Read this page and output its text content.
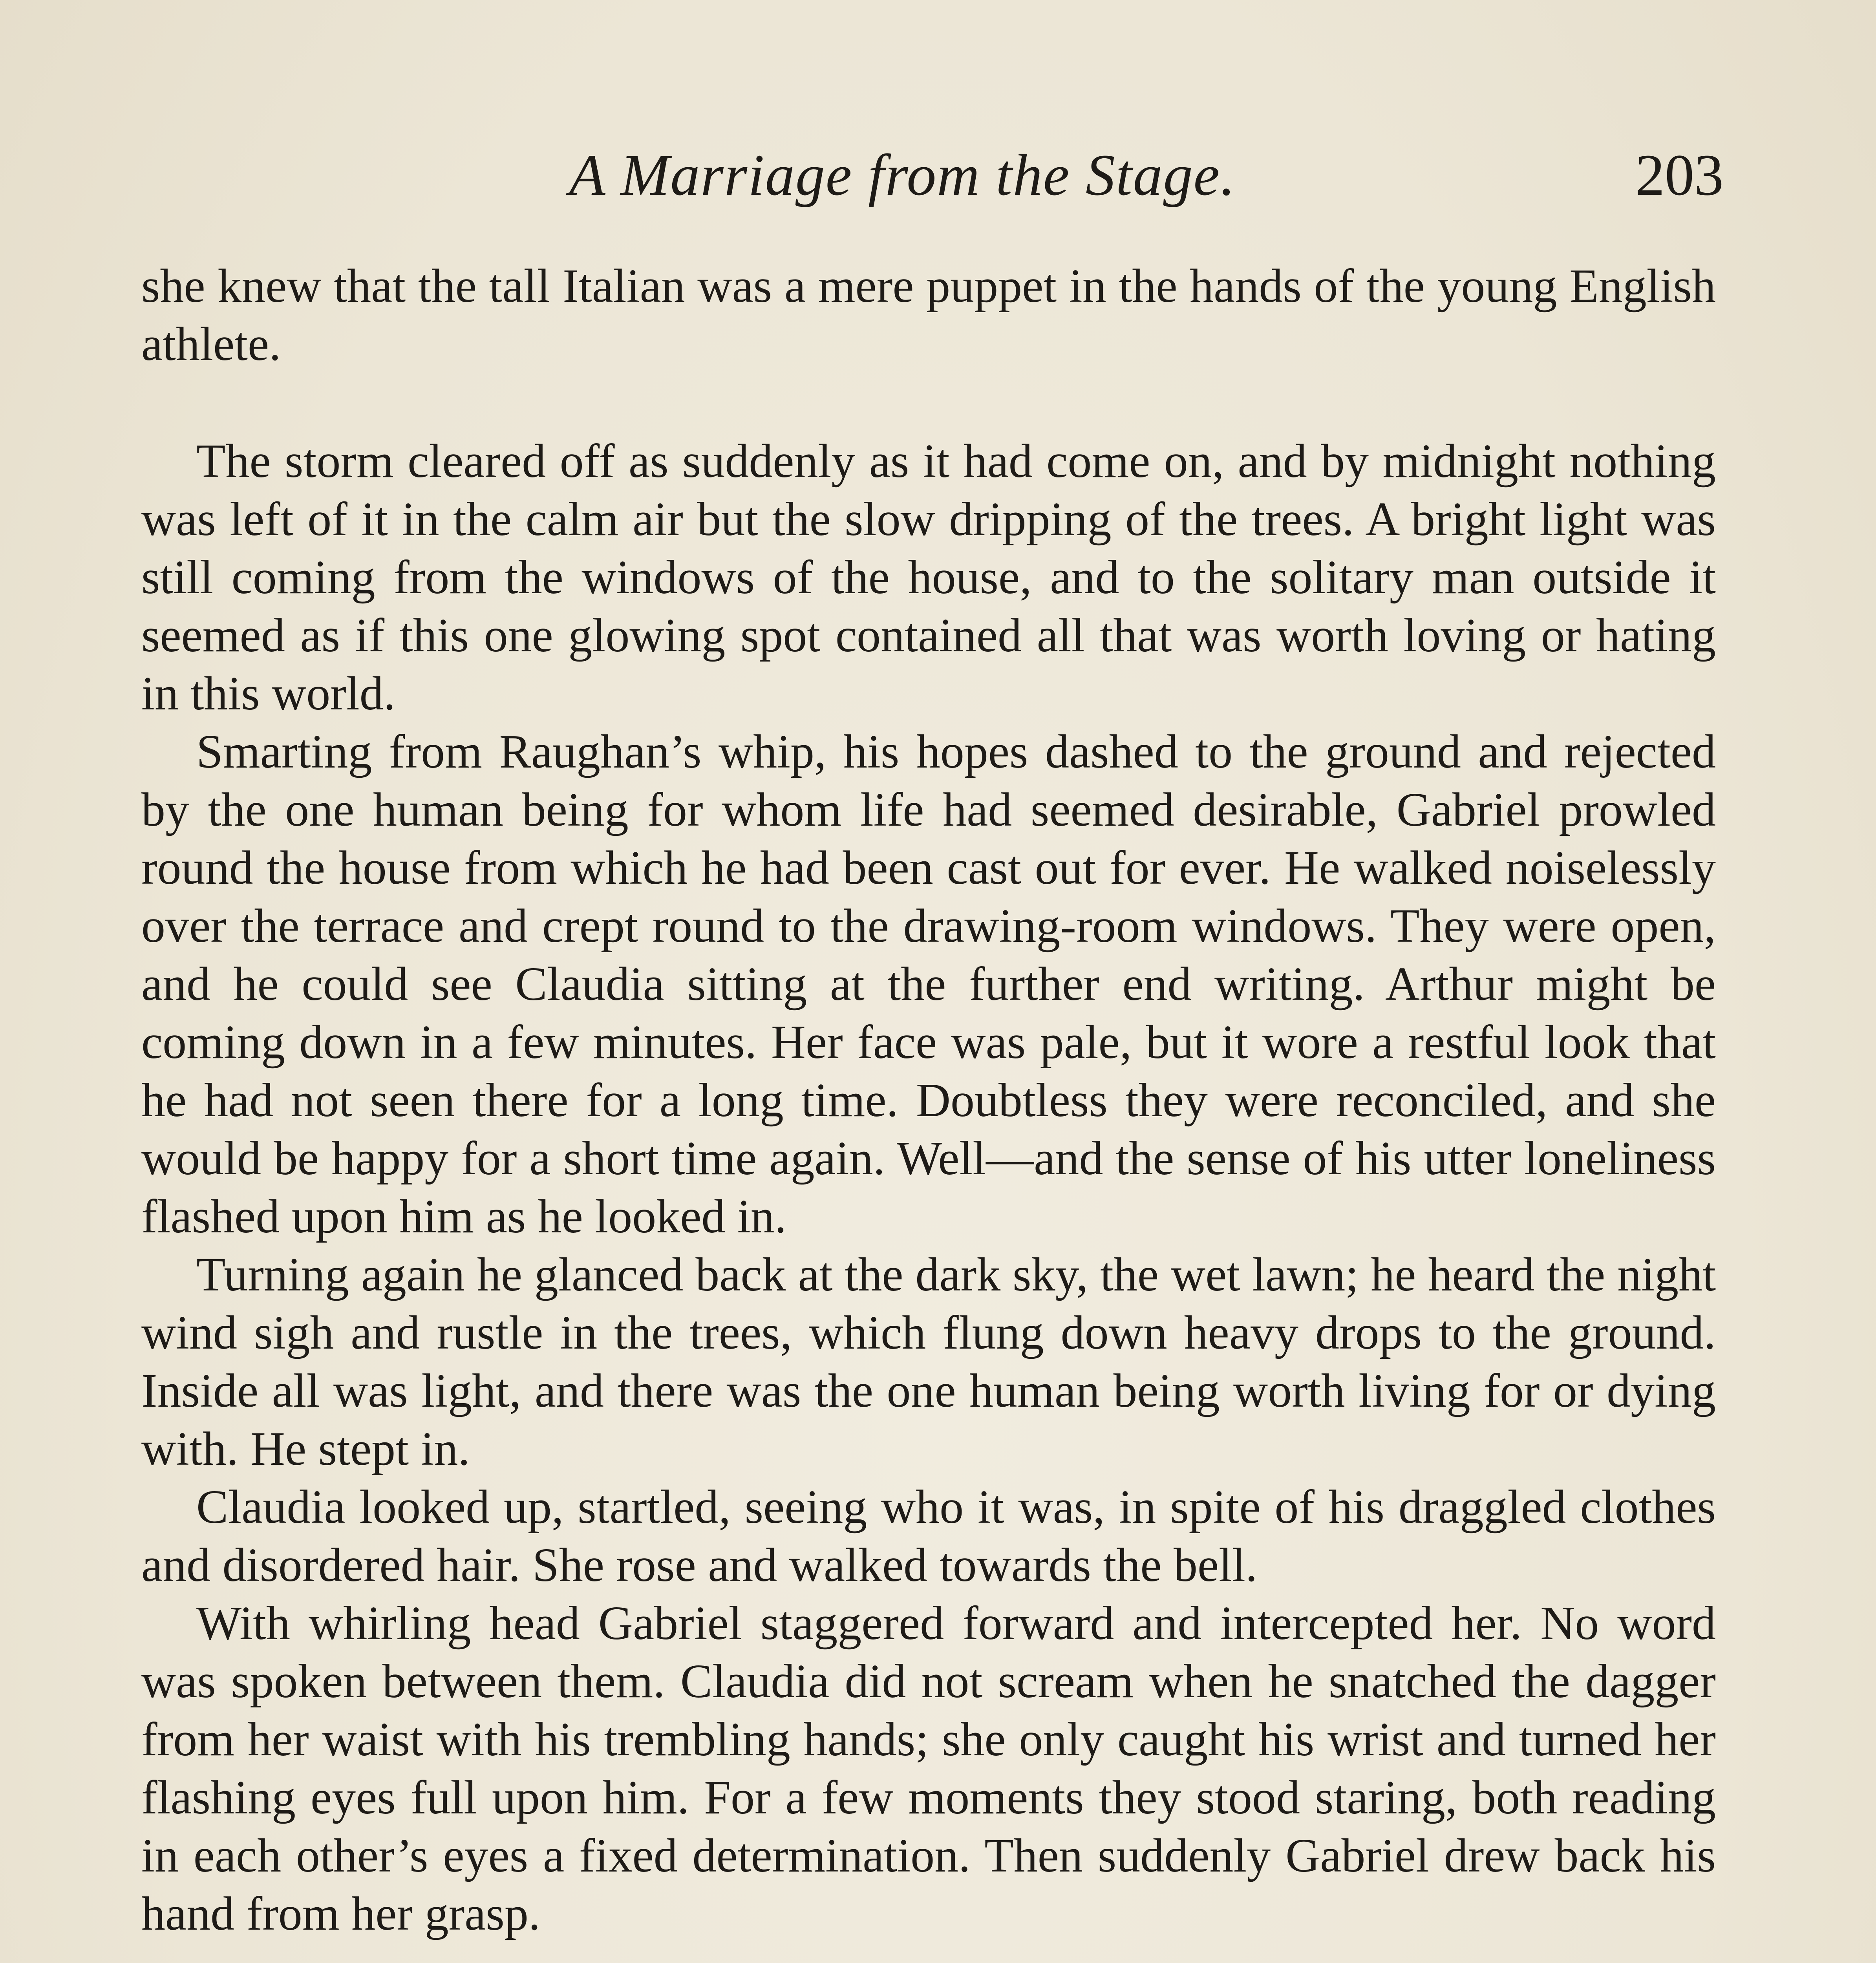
A Marriage from the Stage.	203

she knew that the tall Italian was a mere puppet in the hands of the young English athlete.

The storm cleared off as suddenly as it had come on, and by midnight nothing was left of it in the calm air but the slow dripping of the trees. A bright light was still coming from the windows of the house, and to the solitary man outside it seemed as if this one glowing spot contained all that was worth loving or hating in this world.

Smarting from Raughan’s whip, his hopes dashed to the ground and rejected by the one human being for whom life had seemed desirable, Gabriel prowled round the house from which he had been cast out for ever. He walked noiselessly over the terrace and crept round to the drawing-room windows. They were open, and he could see Claudia sitting at the further end writing. Arthur might be coming down in a few minutes. Her face was pale, but it wore a restful look that he had not seen there for a long time. Doubtless they were reconciled, and she would be happy for a short time again. Well—and the sense of his utter loneliness flashed upon him as he looked in.

Turning again he glanced back at the dark sky, the wet lawn; he heard the night wind sigh and rustle in the trees, which flung down heavy drops to the ground. Inside all was light, and there was the one human being worth living for or dying with. He stept in.

Claudia looked up, startled, seeing who it was, in spite of his draggled clothes and disordered hair. She rose and walked towards the bell.

With whirling head Gabriel staggered forward and intercepted her. No word was spoken between them. Claudia did not scream when he snatched the dagger from her waist with his trembling hands; she only caught his wrist and turned her flashing eyes full upon him. For a few moments they stood staring, both reading in each other’s eyes a fixed determination. Then suddenly Gabriel drew back his hand from her grasp.
